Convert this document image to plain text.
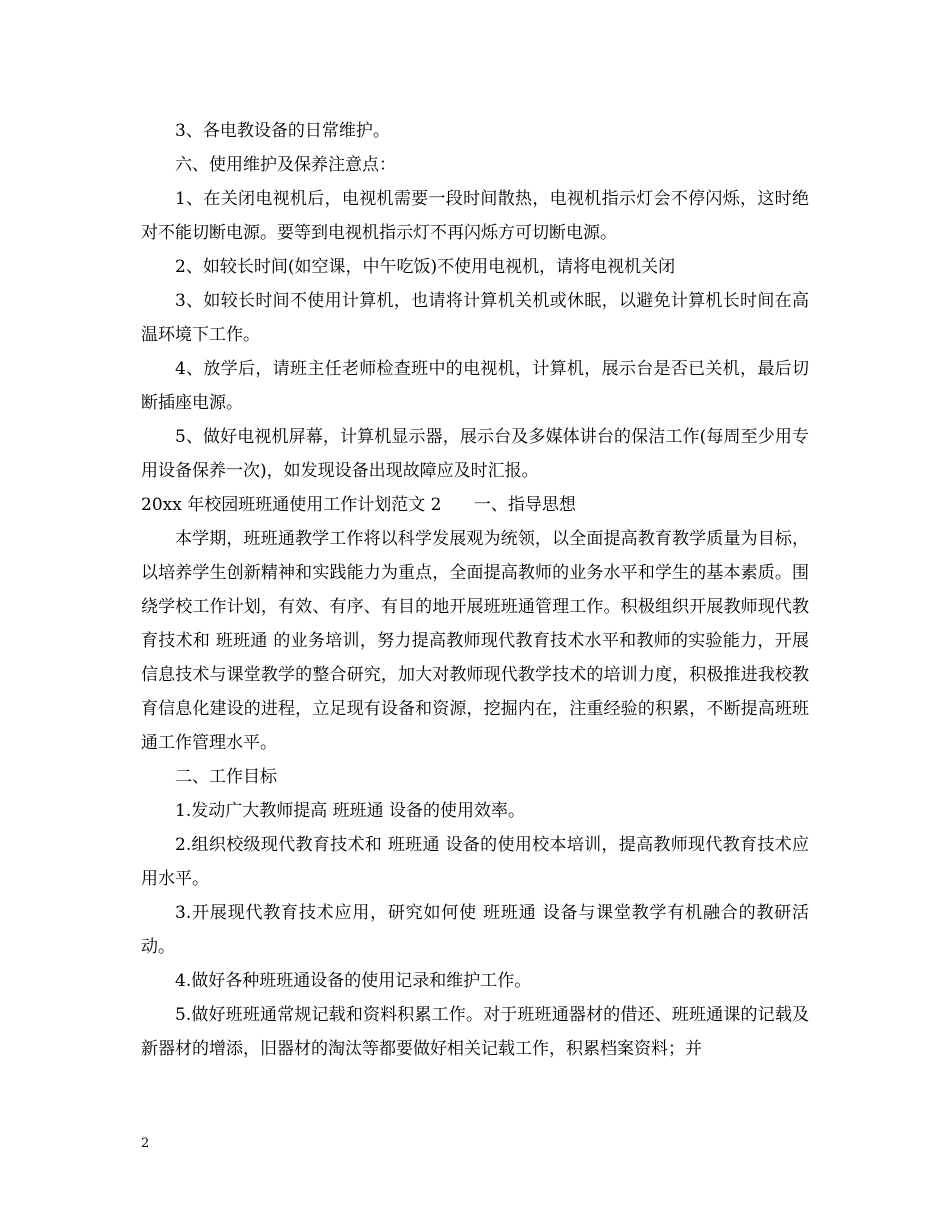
3、各电教设备的日常维护。

六、使用维护及保养注意点：

1、在关闭电视机后，电视机需要一段时间散热，电视机指示灯会不停闪烁，这时绝对不能切断电源。要等到电视机指示灯不再闪烁方可切断电源。

2、如较长时间(如空课，中午吃饭)不使用电视机，请将电视机关闭

3、如较长时间不使用计算机，也请将计算机关机或休眠，以避免计算机长时间在高温环境下工作。

4、放学后，请班主任老师检查班中的电视机，计算机，展示台是否已关机，最后切断插座电源。

5、做好电视机屏幕，计算机显示器，展示台及多媒体讲台的保洁工作(每周至少用专用设备保养一次)，如发现设备出现故障应及时汇报。

20xx 年校园班班通使用工作计划范文 2      一、指导思想

本学期，班班通教学工作将以科学发展观为统领，以全面提高教育教学质量为目标，以培养学生创新精神和实践能力为重点，全面提高教师的业务水平和学生的基本素质。围绕学校工作计划，有效、有序、有目的地开展班班通管理工作。积极组织开展教师现代教育技术和 班班通 的业务培训，努力提高教师现代教育技术水平和教师的实验能力，开展信息技术与课堂教学的整合研究，加大对教师现代教学技术的培训力度，积极推进我校教育信息化建设的进程，立足现有设备和资源，挖掘内在，注重经验的积累，不断提高班班通工作管理水平。

二、工作目标

1.发动广大教师提高 班班通 设备的使用效率。

2.组织校级现代教育技术和 班班通 设备的使用校本培训，提高教师现代教育技术应用水平。

3.开展现代教育技术应用，研究如何使 班班通 设备与课堂教学有机融合的教研活动。

4.做好各种班班通设备的使用记录和维护工作。

5.做好班班通常规记载和资料积累工作。对于班班通器材的借还、班班通课的记载及新器材的增添，旧器材的淘汰等都要做好相关记载工作，积累档案资料；并

2
